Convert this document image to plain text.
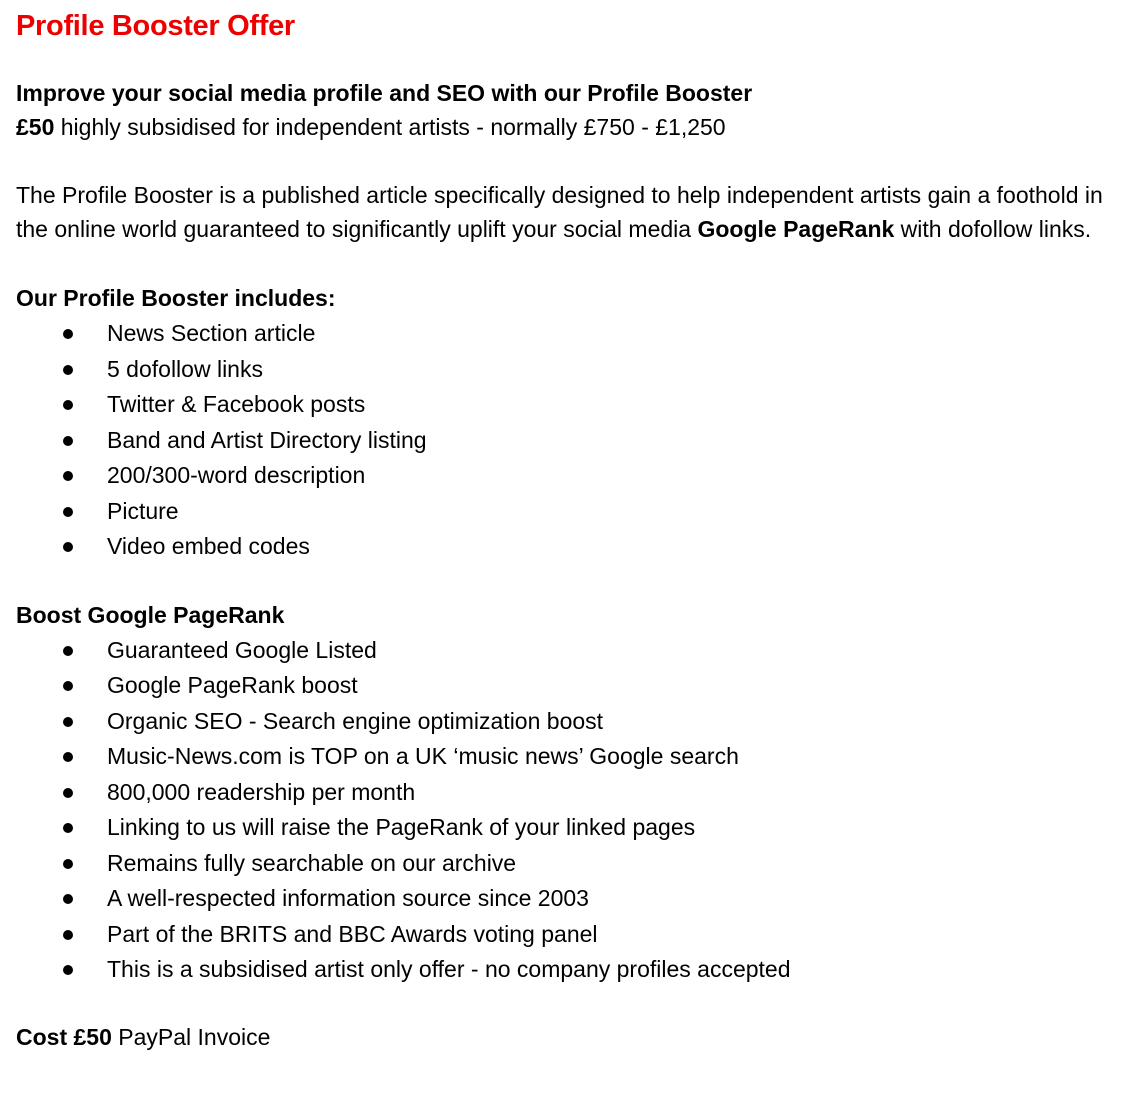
Profile Booster Offer
Improve your social media profile and SEO with our Profile Booster
£50 highly subsidised for independent artists - normally £750 - £1,250

The Profile Booster is a published article specifically designed to help independent artists gain a foothold in the online world guaranteed to significantly uplift your social media Google PageRank with dofollow links.

Our Profile Booster includes:
News Section article
5 dofollow links
Twitter & Facebook posts
Band and Artist Directory listing
200/300-word description
Picture
Video embed codes
Boost Google PageRank
Guaranteed Google Listed
Google PageRank boost
Organic SEO - Search engine optimization boost
Music-News.com is TOP on a UK ‘music news’ Google search
800,000 readership per month
Linking to us will raise the PageRank of your linked pages
Remains fully searchable on our archive
A well-respected information source since 2003
Part of the BRITS and BBC Awards voting panel
This is a subsidised artist only offer - no company profiles accepted
Cost £50 PayPal Invoice
